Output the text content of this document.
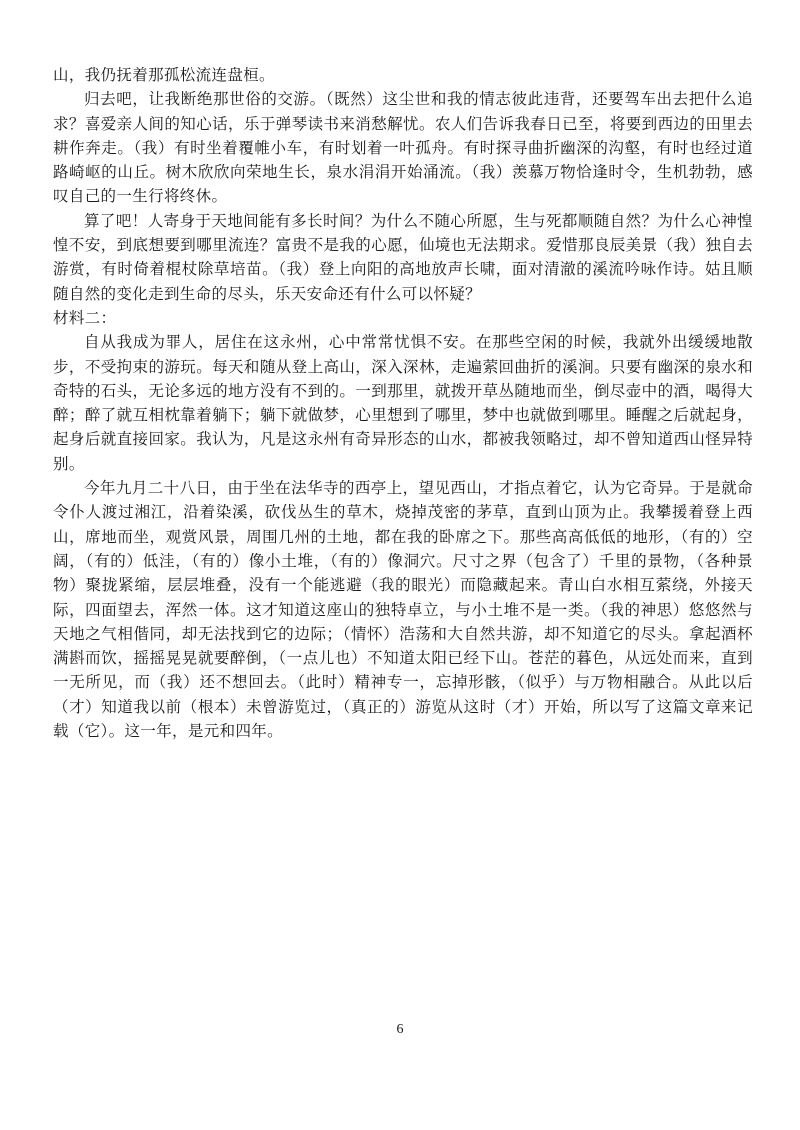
山，我仍抚着那孤松流连盘桓。

归去吧，让我断绝那世俗的交游。（既然）这尘世和我的情志彼此违背，还要驾车出去把什么追求？喜爱亲人间的知心话，乐于弹琴读书来消愁解忧。农人们告诉我春日已至，将要到西边的田里去耕作奔走。（我）有时坐着覆帷小车，有时划着一叶孤舟。有时探寻曲折幽深的沟壑，有时也经过道路崎岖的山丘。树木欣欣向荣地生长，泉水涓涓开始涌流。（我）羡慕万物恰逢时令，生机勃勃，感叹自己的一生行将终休。

算了吧！人寄身于天地间能有多长时间？为什么不随心所愿，生与死都顺随自然？为什么心神惶惶不安，到底想要到哪里流连？富贵不是我的心愿，仙境也无法期求。爱惜那良辰美景（我）独自去游赏，有时倚着棍杖除草培苗。（我）登上向阳的高地放声长啸，面对清澈的溪流吟咏作诗。姑且顺随自然的变化走到生命的尽头，乐天安命还有什么可以怀疑？

材料二：

自从我成为罪人，居住在这永州，心中常常忧惧不安。在那些空闲的时候，我就外出缓缓地散步，不受拘束的游玩。每天和随从登上高山，深入深林，走遍萦回曲折的溪涧。只要有幽深的泉水和奇特的石头，无论多远的地方没有不到的。一到那里，就拨开草丛随地而坐，倒尽壶中的酒，喝得大醉；醉了就互相枕靠着躺下；躺下就做梦，心里想到了哪里，梦中也就做到哪里。睡醒之后就起身，起身后就直接回家。我认为，凡是这永州有奇异形态的山水，都被我领略过，却不曾知道西山怪异特别。

今年九月二十八日，由于坐在法华寺的西亭上，望见西山，才指点着它，认为它奇异。于是就命令仆人渡过湘江，沿着染溪，砍伐丛生的草木，烧掉茂密的茅草，直到山顶为止。我攀援着登上西山，席地而坐，观赏风景，周围几州的土地，都在我的卧席之下。那些高高低低的地形，（有的）空阔，（有的）低洼，（有的）像小土堆，（有的）像洞穴。尺寸之界（包含了）千里的景物，（各种景物）聚拢紧缩，层层堆叠，没有一个能逃避（我的眼光）而隐藏起来。青山白水相互萦绕，外接天际，四面望去，浑然一体。这才知道这座山的独特卓立，与小土堆不是一类。（我的神思）悠悠然与天地之气相偕同，却无法找到它的边际；（情怀）浩荡和大自然共游，却不知道它的尽头。拿起酒杯满斟而饮，摇摇晃晃就要醉倒，（一点儿也）不知道太阳已经下山。苍茫的暮色，从远处而来，直到一无所见，而（我）还不想回去。（此时）精神专一，忘掉形骸，（似乎）与万物相融合。从此以后（才）知道我以前（根本）未曾游览过，（真正的）游览从这时（才）开始，所以写了这篇文章来记载（它）。这一年，是元和四年。

6
